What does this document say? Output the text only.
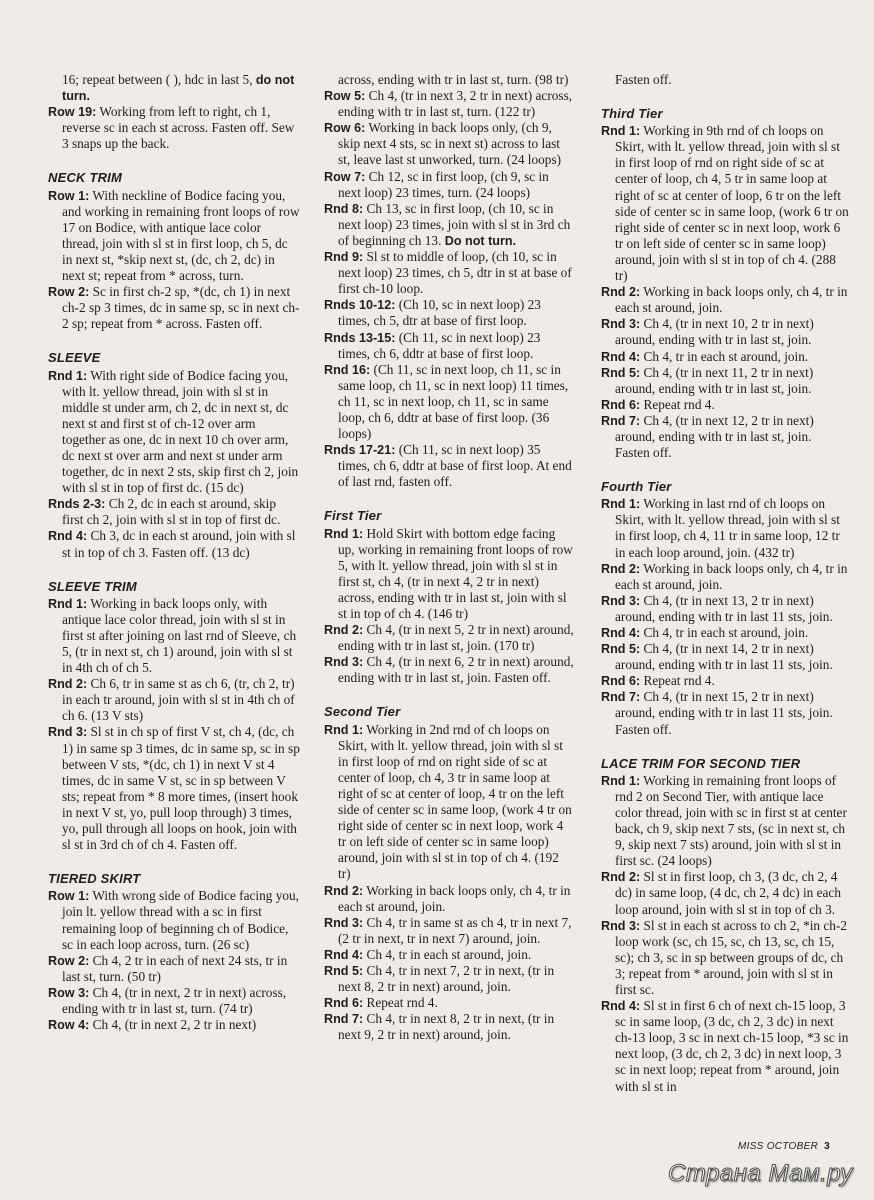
16; repeat between ( ), hdc in last 5, do not turn.

Row 19: Working from left to right, ch 1, reverse sc in each st across. Fasten off. Sew 3 snaps up the back.

NECK TRIM

Row 1: With neckline of Bodice facing you, and working in remaining front loops of row 17 on Bodice, with antique lace color thread, join with sl st in first loop, ch 5, dc in next st, *skip next st, (dc, ch 2, dc) in next st; repeat from * across, turn.

Row 2: Sc in first ch-2 sp, *(dc, ch 1) in next ch-2 sp 3 times, dc in same sp, sc in next ch-2 sp; repeat from * across. Fasten off.

SLEEVE

Rnd 1: With right side of Bodice facing you, with lt. yellow thread, join with sl st in middle st under arm, ch 2, dc in next st, dc next st and first st of ch-12 over arm together as one, dc in next 10 ch over arm, dc next st over arm and next st under arm together, dc in next 2 sts, skip first ch 2, join with sl st in top of first dc. (15 dc)

Rnds 2-3: Ch 2, dc in each st around, skip first ch 2, join with sl st in top of first dc.

Rnd 4: Ch 3, dc in each st around, join with sl st in top of ch 3. Fasten off. (13 dc)

SLEEVE TRIM

Rnd 1: Working in back loops only, with antique lace color thread, join with sl st in first st after joining on last rnd of Sleeve, ch 5, (tr in next st, ch 1) around, join with sl st in 4th ch of ch 5.

Rnd 2: Ch 6, tr in same st as ch 6, (tr, ch 2, tr) in each tr around, join with sl st in 4th ch of ch 6. (13 V sts)

Rnd 3: Sl st in ch sp of first V st, ch 4, (dc, ch 1) in same sp 3 times, dc in same sp, sc in sp between V sts, *(dc, ch 1) in next V st 4 times, dc in same V st, sc in sp between V sts; repeat from * 8 more times, (insert hook in next V st, yo, pull loop through) 3 times, yo, pull through all loops on hook, join with sl st in 3rd ch of ch 4. Fasten off.

TIERED SKIRT

Row 1: With wrong side of Bodice facing you, join lt. yellow thread with a sc in first remaining loop of beginning ch of Bodice, sc in each loop across, turn. (26 sc)

Row 2: Ch 4, 2 tr in each of next 24 sts, tr in last st, turn. (50 tr)

Row 3: Ch 4, (tr in next, 2 tr in next) across, ending with tr in last st, turn. (74 tr)

Row 4: Ch 4, (tr in next 2, 2 tr in next)

across, ending with tr in last st, turn. (98 tr)

Row 5: Ch 4, (tr in next 3, 2 tr in next) across, ending with tr in last st, turn. (122 tr)

Row 6: Working in back loops only, (ch 9, skip next 4 sts, sc in next st) across to last st, leave last st unworked, turn. (24 loops)

Row 7: Ch 12, sc in first loop, (ch 9, sc in next loop) 23 times, turn. (24 loops)

Rnd 8: Ch 13, sc in first loop, (ch 10, sc in next loop) 23 times, join with sl st in 3rd ch of beginning ch 13. Do not turn.

Rnd 9: Sl st to middle of loop, (ch 10, sc in next loop) 23 times, ch 5, dtr in st at base of first ch-10 loop.

Rnds 10-12: (Ch 10, sc in next loop) 23 times, ch 5, dtr at base of first loop.

Rnds 13-15: (Ch 11, sc in next loop) 23 times, ch 6, ddtr at base of first loop.

Rnd 16: (Ch 11, sc in next loop, ch 11, sc in same loop, ch 11, sc in next loop) 11 times, ch 11, sc in next loop, ch 11, sc in same loop, ch 6, ddtr at base of first loop. (36 loops)

Rnds 17-21: (Ch 11, sc in next loop) 35 times, ch 6, ddtr at base of first loop. At end of last rnd, fasten off.

First Tier

Rnd 1: Hold Skirt with bottom edge facing up, working in remaining front loops of row 5, with lt. yellow thread, join with sl st in first st, ch 4, (tr in next 4, 2 tr in next) across, ending with tr in last st, join with sl st in top of ch 4. (146 tr)

Rnd 2: Ch 4, (tr in next 5, 2 tr in next) around, ending with tr in last st, join. (170 tr)

Rnd 3: Ch 4, (tr in next 6, 2 tr in next) around, ending with tr in last st, join. Fasten off.

Second Tier

Rnd 1: Working in 2nd rnd of ch loops on Skirt, with lt. yellow thread, join with sl st in first loop of rnd on right side of sc at center of loop, ch 4, 3 tr in same loop at right of sc at center of loop, 4 tr on the left side of center sc in same loop, (work 4 tr on right side of center sc in next loop, work 4 tr on left side of center sc in same loop) around, join with sl st in top of ch 4. (192 tr)

Rnd 2: Working in back loops only, ch 4, tr in each st around, join.

Rnd 3: Ch 4, tr in same st as ch 4, tr in next 7, (2 tr in next, tr in next 7) around, join.

Rnd 4: Ch 4, tr in each st around, join.

Rnd 5: Ch 4, tr in next 7, 2 tr in next, (tr in next 8, 2 tr in next) around, join.

Rnd 6: Repeat rnd 4.

Rnd 7: Ch 4, tr in next 8, 2 tr in next, (tr in next 9, 2 tr in next) around, join.

Fasten off.

Third Tier

Rnd 1: Working in 9th rnd of ch loops on Skirt, with lt. yellow thread, join with sl st in first loop of rnd on right side of sc at center of loop, ch 4, 5 tr in same loop at right of sc at center of loop, 6 tr on the left side of center sc in same loop, (work 6 tr on right side of center sc in next loop, work 6 tr on left side of center sc in same loop) around, join with sl st in top of ch 4. (288 tr)

Rnd 2: Working in back loops only, ch 4, tr in each st around, join.

Rnd 3: Ch 4, (tr in next 10, 2 tr in next) around, ending with tr in last st, join.

Rnd 4: Ch 4, tr in each st around, join.

Rnd 5: Ch 4, (tr in next 11, 2 tr in next) around, ending with tr in last st, join.

Rnd 6: Repeat rnd 4.

Rnd 7: Ch 4, (tr in next 12, 2 tr in next) around, ending with tr in last st, join. Fasten off.

Fourth Tier

Rnd 1: Working in last rnd of ch loops on Skirt, with lt. yellow thread, join with sl st in first loop, ch 4, 11 tr in same loop, 12 tr in each loop around, join. (432 tr)

Rnd 2: Working in back loops only, ch 4, tr in each st around, join.

Rnd 3: Ch 4, (tr in next 13, 2 tr in next) around, ending with tr in last 11 sts, join.

Rnd 4: Ch 4, tr in each st around, join.

Rnd 5: Ch 4, (tr in next 14, 2 tr in next) around, ending with tr in last 11 sts, join.

Rnd 6: Repeat rnd 4.

Rnd 7: Ch 4, (tr in next 15, 2 tr in next) around, ending with tr in last 11 sts, join. Fasten off.

LACE TRIM FOR SECOND TIER

Rnd 1: Working in remaining front loops of rnd 2 on Second Tier, with antique lace color thread, join with sc in first st at center back, ch 9, skip next 7 sts, (sc in next st, ch 9, skip next 7 sts) around, join with sl st in first sc. (24 loops)

Rnd 2: Sl st in first loop, ch 3, (3 dc, ch 2, 4 dc) in same loop, (4 dc, ch 2, 4 dc) in each loop around, join with sl st in top of ch 3.

Rnd 3: Sl st in each st across to ch 2, *in ch-2 loop work (sc, ch 15, sc, ch 13, sc, ch 15, sc); ch 3, sc in sp between groups of dc, ch 3; repeat from * around, join with sl st in first sc.

Rnd 4: Sl st in first 6 ch of next ch-15 loop, 3 sc in same loop, (3 dc, ch 2, 3 dc) in next ch-13 loop, 3 sc in next ch-15 loop, *3 sc in next loop, (3 dc, ch 2, 3 dc) in next loop, 3 sc in next loop; repeat from * around, join with sl st in

MISS OCTOBER 3
Страна Мам.ру
